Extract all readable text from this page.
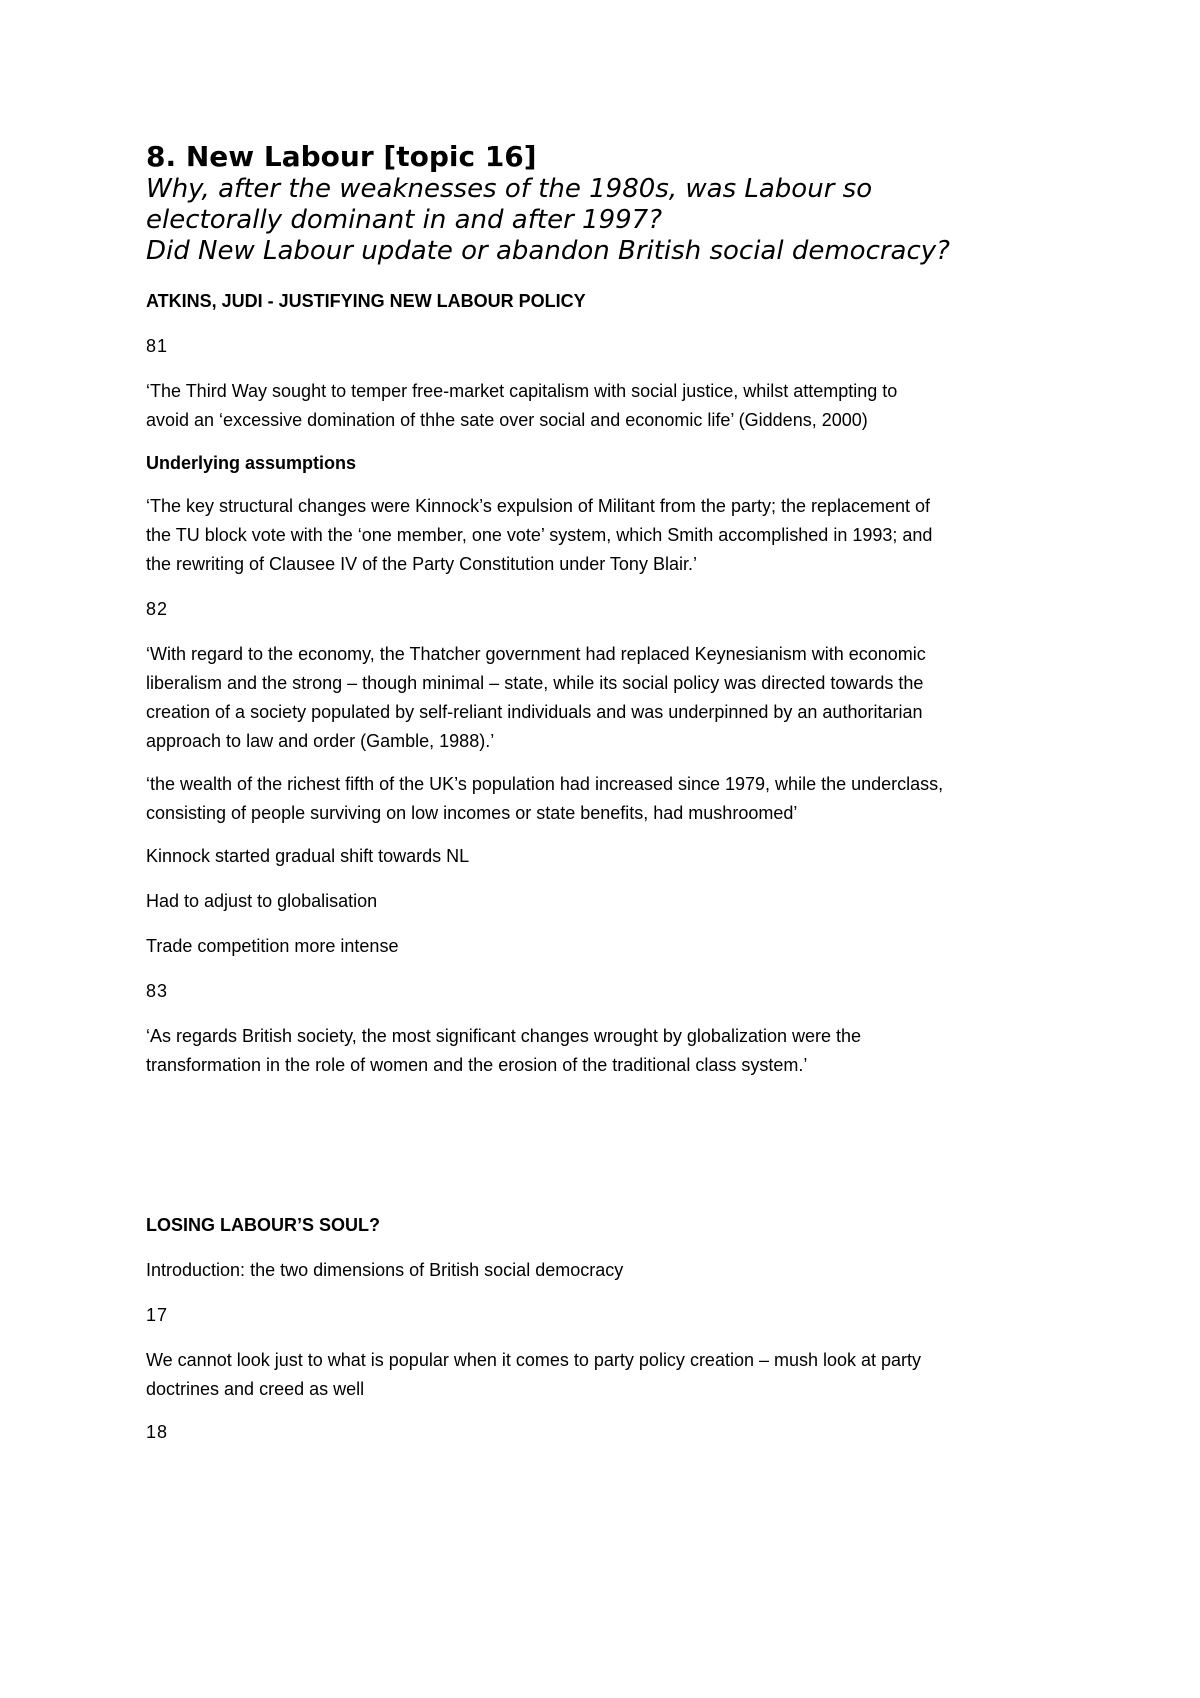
8. New Labour [topic 16]
Why, after the weaknesses of the 1980s, was Labour so
electorally dominant in and after 1997?
Did New Labour update or abandon British social democracy?

ATKINS, JUDI - JUSTIFYING NEW LABOUR POLICY

81

‘The Third Way sought to temper free-market capitalism with social justice, whilst attempting to
avoid an ‘excessive domination of thhe sate over social and economic life’ (Giddens, 2000)

Underlying assumptions

‘The key structural changes were Kinnock’s expulsion of Militant from the party; the replacement of
the TU block vote with the ‘one member, one vote’ system, which Smith accomplished in 1993; and
the rewriting of Clausee IV of the Party Constitution under Tony Blair.’

82

‘With regard to the economy, the Thatcher government had replaced Keynesianism with economic
liberalism and the strong – though minimal – state, while its social policy was directed towards the
creation of a society populated by self-reliant individuals and was underpinned by an authoritarian
approach to law and order (Gamble, 1988).’

‘the wealth of the richest fifth of the UK’s population had increased since 1979, while the underclass,
consisting of people surviving on low incomes or state benefits, had mushroomed’

Kinnock started gradual shift towards NL

Had to adjust to globalisation

Trade competition more intense

83

‘As regards British society, the most significant changes wrought by globalization were the
transformation in the role of women and the erosion of the traditional class system.’

LOSING LABOUR’S SOUL?

Introduction: the two dimensions of British social democracy

17

We cannot look just to what is popular when it comes to party policy creation – mush look at party
doctrines and creed as well

18
